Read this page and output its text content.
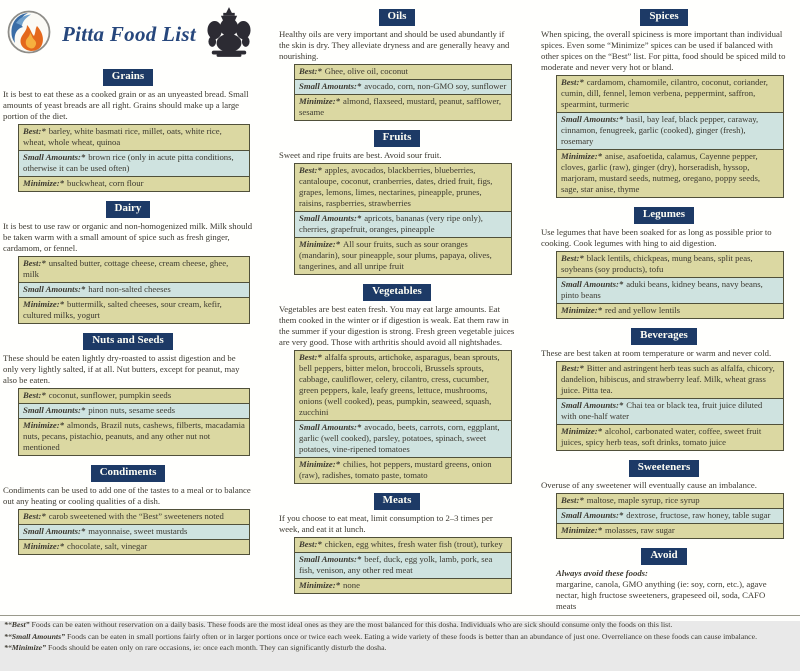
Pitta Food List
Grains

It is best to eat these as a cooked grain or as an unyeasted bread. Small amounts of yeast breads are all right. Grains should make up a large portion of the diet.

Best:* barley, white basmati rice, millet, oats, white rice, wheat, whole wheat, quinoa
Small Amounts:* brown rice (only in acute pitta conditions, otherwise it can be used often)
Minimize:* buckwheat, corn flour
Dairy

It is best to use raw or organic and non-homogenized milk. Milk should be taken warm with a small amount of spice such as fresh ginger, cardamom, or fennel.

Best:* unsalted butter, cottage cheese, cream cheese, ghee, milk
Small Amounts:* hard non-salted cheeses
Minimize:* buttermilk, salted cheeses, sour cream, kefir, cultured milks, yogurt
Nuts and Seeds

These should be eaten lightly dry-roasted to assist digestion and be only very lightly salted, if at all. Nut butters, except for peanut, may also be eaten.

Best:* coconut, sunflower, pumpkin seeds
Small Amounts:* pinon nuts, sesame seeds
Minimize:* almonds, Brazil nuts, cashews, filberts, macadamia nuts, pecans, pistachio, peanuts, and any other nut not mentioned
Condiments

Condiments can be used to add one of the tastes to a meal or to balance out any heating or cooling qualities of a dish.

Best:* carob sweetened with the “Best” sweeteners noted
Small Amounts:* mayonnaise, sweet mustards
Minimize:* chocolate, salt, vinegar
Oils

Healthy oils are very important and should be used abundantly if the skin is dry. They alleviate dryness and are generally heavy and nourishing.

Best:* Ghee, olive oil, coconut
Small Amounts:* avocado, corn, non-GMO soy, sunflower
Minimize:* almond, flaxseed, mustard, peanut, safflower, sesame
Fruits

Sweet and ripe fruits are best. Avoid sour fruit.

Best:* apples, avocados, blackberries, blueberries, cantaloupe, coconut, cranberries, dates, dried fruit, figs, grapes, lemons, limes, nectarines, pineapple, prunes, raisins, raspberries, strawberries
Small Amounts:* apricots, bananas (very ripe only), cherries, grapefruit, oranges, pineapple
Minimize:* All sour fruits, such as sour oranges (mandarin), sour pineapple, sour plums, papaya, olives, tangerines, and all unripe fruit
Vegetables

Vegetables are best eaten fresh. You may eat large amounts. Eat them cooked in the winter or if digestion is weak. Eat them raw in the summer if your digestion is strong. Fresh green vegetable juices are very good. Those with arthritis should avoid all nightshades.

Best:* alfalfa sprouts, artichoke, asparagus, bean sprouts, bell peppers, bitter melon, broccoli, Brussels sprouts, cabbage, cauliflower, celery, cilantro, cress, cucumber, green peppers, kale, leafy greens, lettuce, mushrooms, onions (well cooked), peas, pumpkin, seaweed, squash, zucchini
Small Amounts:* avocado, beets, carrots, corn, eggplant, garlic (well cooked), parsley, potatoes, spinach, sweet potatoes, vine-ripened tomatoes
Minimize:* chilies, hot peppers, mustard greens, onion (raw), radishes, tomato paste, tomato
Meats

If you choose to eat meat, limit consumption to 2–3 times per week, and eat it at lunch.

Best:* chicken, egg whites, fresh water fish (trout), turkey
Small Amounts:* beef, duck, egg yolk, lamb, pork, sea fish, venison, any other red meat
Minimize:* none
Spices

When spicing, the overall spiciness is more important than individual spices. Even some “Minimize” spices can be used if balanced with other spices on the “Best” list. For pitta, food should be spiced mild to moderate and never very hot or bland.

Best:* cardamom, chamomile, cilantro, coconut, coriander, cumin, dill, fennel, lemon verbena, peppermint, saffron, spearmint, turmeric
Small Amounts:* basil, bay leaf, black pepper, caraway, cinnamon, fenugreek, garlic (cooked), ginger (fresh), rosemary
Minimize:* anise, asafoetida, calamus, Cayenne pepper, cloves, garlic (raw), ginger (dry), horseradish, hyssop, marjoram, mustard seeds, nutmeg, oregano, poppy seeds, sage, star anise, thyme
Legumes

Use legumes that have been soaked for as long as possible prior to cooking. Cook legumes with hing to aid digestion.

Best:* black lentils, chickpeas, mung beans, split peas, soybeans (soy products), tofu
Small Amounts:* aduki beans, kidney beans, navy beans, pinto beans
Minimize:* red and yellow lentils
Beverages

These are best taken at room temperature or warm and never cold.

Best:* Bitter and astringent herb teas such as alfalfa, chicory, dandelion, hibiscus, and strawberry leaf. Milk, wheat grass juice. Pitta tea.
Small Amounts:* Chai tea or black tea, fruit juice diluted with one-half water
Minimize:* alcohol, carbonated water, coffee, sweet fruit juices, spicy herb teas, soft drinks, tomato juice
Sweeteners

Overuse of any sweetener will eventually cause an imbalance.

Best:* maltose, maple syrup, rice syrup
Small Amounts:* dextrose, fructose, raw honey, table sugar
Minimize:* molasses, raw sugar
Avoid
Always avoid these foods:
margarine, canola, GMO anything (ie: soy, corn, etc.), agave nectar, high fructose sweeteners, grapeseed oil, soda, CAFO meats

*“Best” Foods can be eaten without reservation on a daily basis. These foods are the most ideal ones as they are the most balanced for this dosha. Individuals who are sick should consume only the foods on this list.

*“Small Amounts” Foods can be eaten in small portions fairly often or in larger portions once or twice each week. Eating a wide variety of these foods is better than an abundance of just one. Overreliance on these foods can cause imbalance.

*“Minimize” Foods should be eaten only on rare occasions, ie: once each month. They can significantly disturb the dosha.
